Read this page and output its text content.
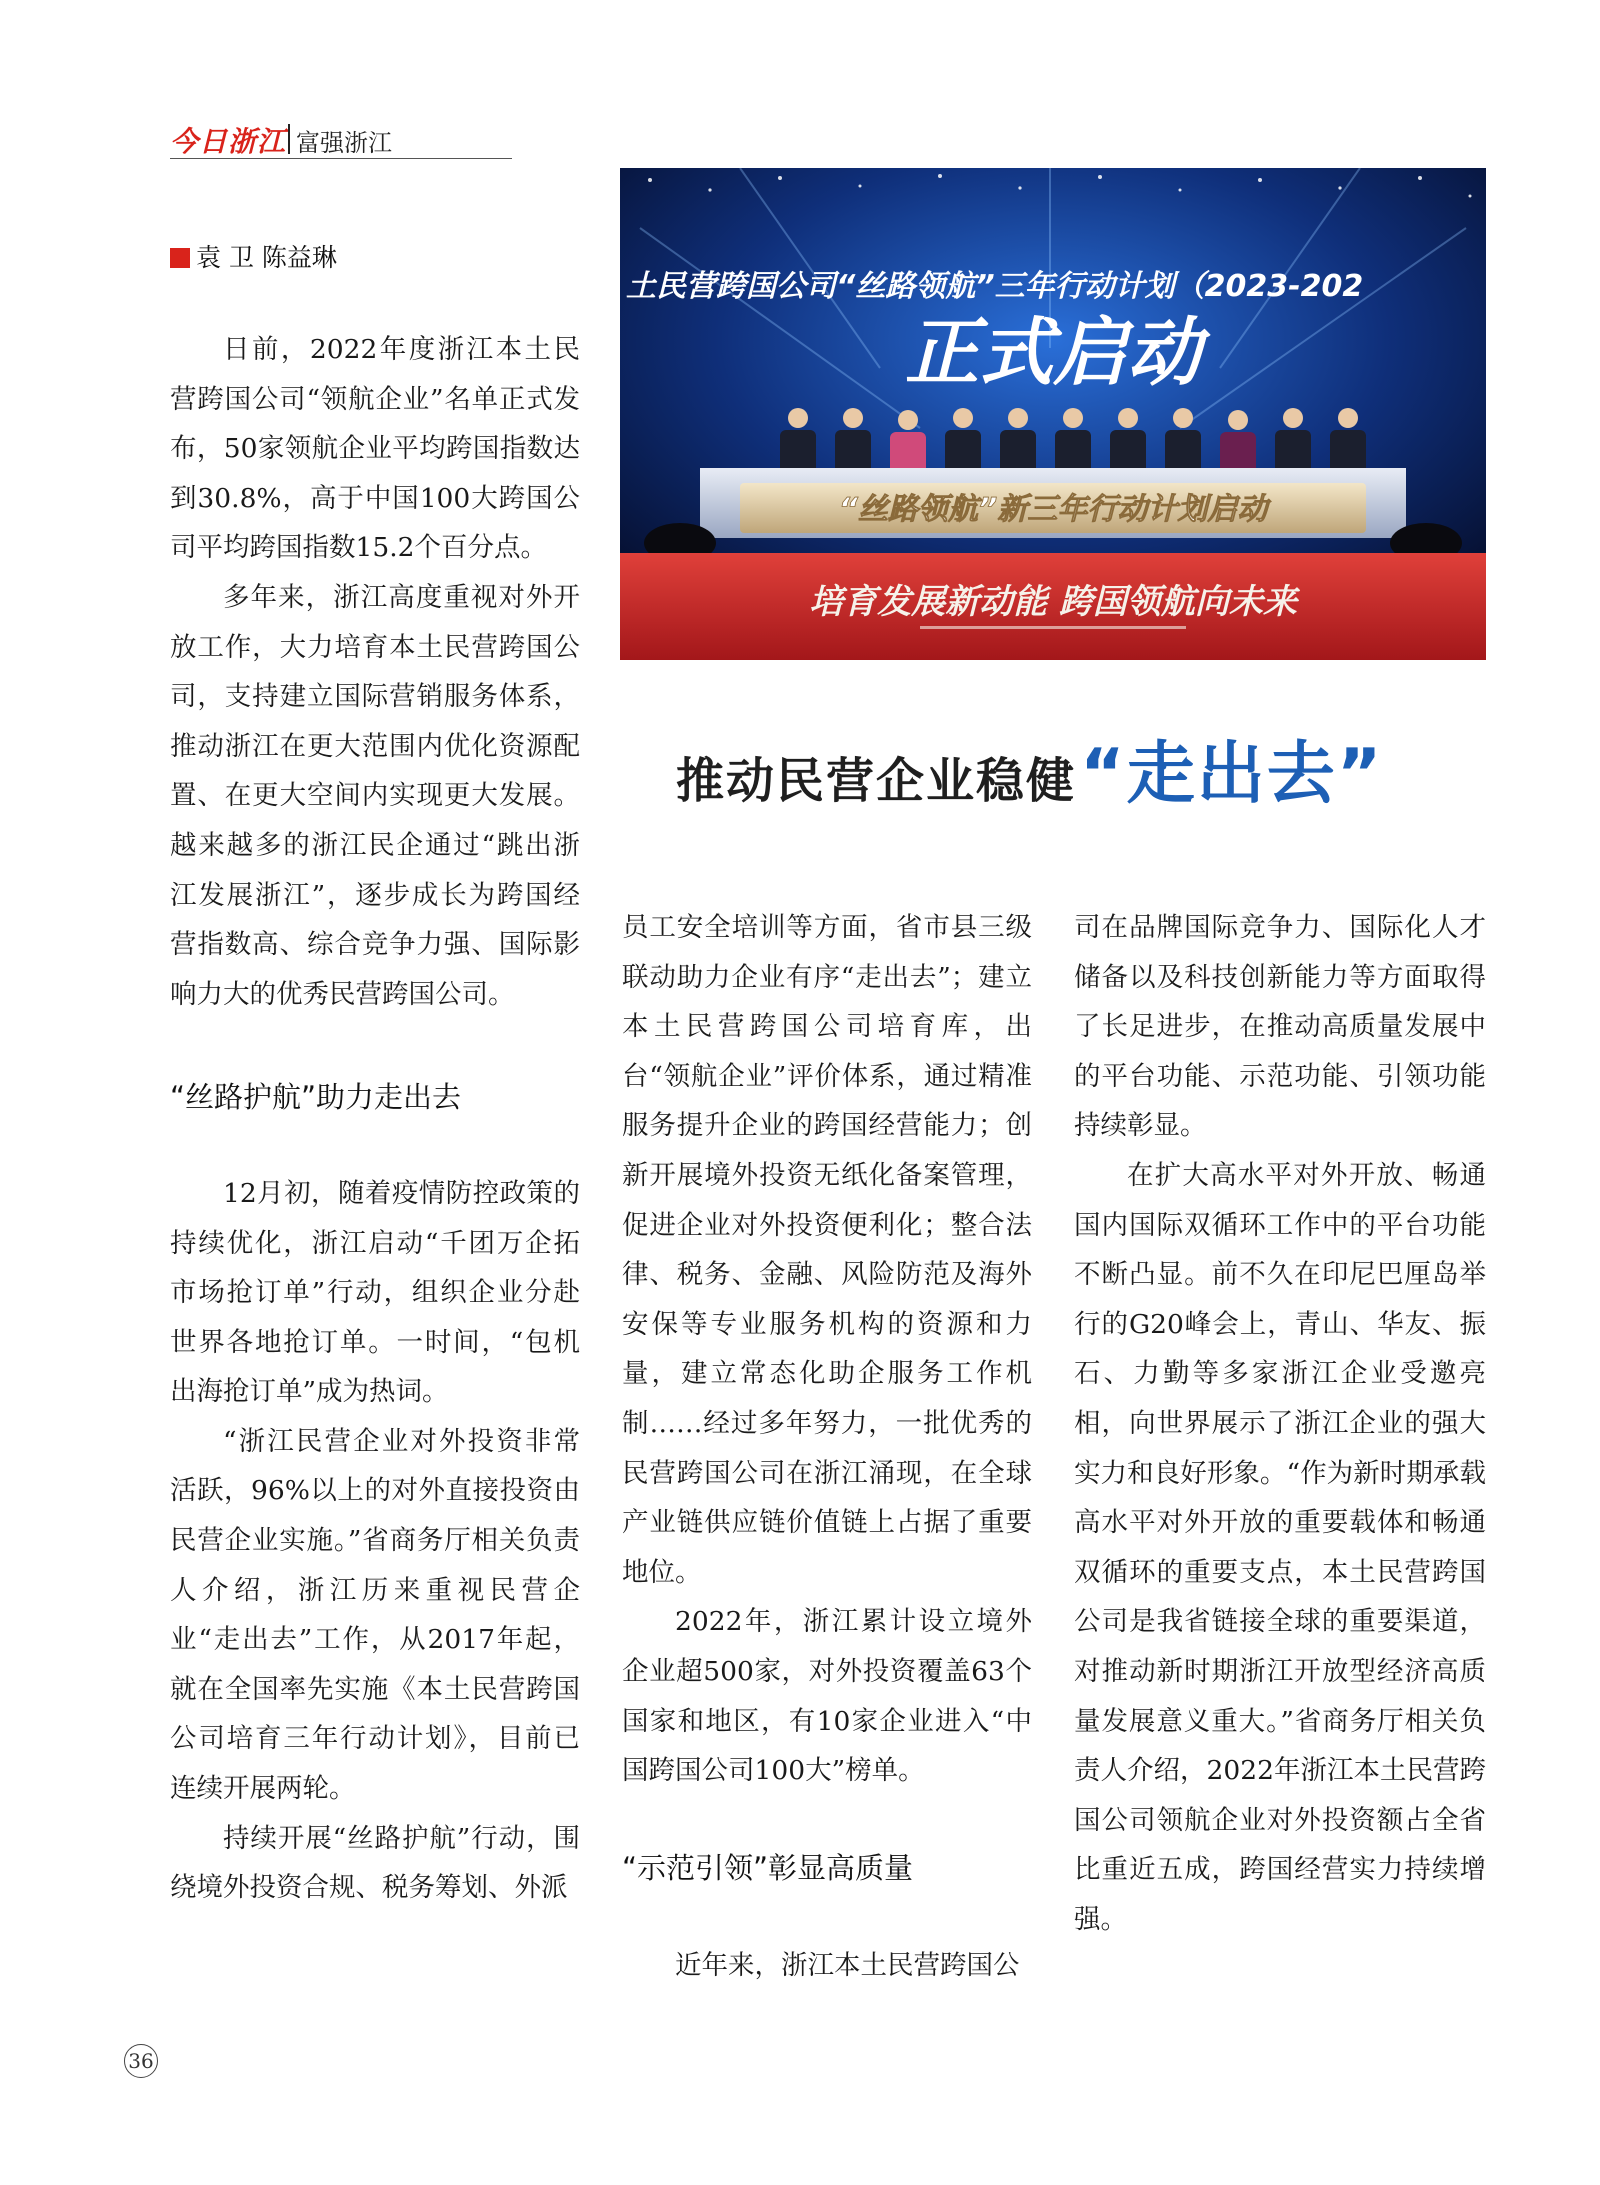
今日浙江 富强浙江
袁 卫 陈益琳
土民营跨国公司“丝路领航”三年行动计划（2023-202
正式启动
“丝路领航”新三年行动计划启动
培育发展新动能 跨国领航向未来
推动民营企业稳健“走出去”

日前，2022年度浙江本土民营跨国公司“领航企业”名单正式发布，50家领航企业平均跨国指数达到30.8%，高于中国100大跨国公司平均跨国指数15.2个百分点。

多年来，浙江高度重视对外开放工作，大力培育本土民营跨国公司，支持建立国际营销服务体系，推动浙江在更大范围内优化资源配置、在更大空间内实现更大发展。越来越多的浙江民企通过“跳出浙江发展浙江”，逐步成长为跨国经营指数高、综合竞争力强、国际影响力大的优秀民营跨国公司。

“丝路护航”助力走出去

12月初，随着疫情防控政策的持续优化，浙江启动“千团万企拓市场抢订单”行动，组织企业分赴世界各地抢订单。一时间，“包机出海抢订单”成为热词。

“浙江民营企业对外投资非常活跃，96%以上的对外直接投资由民营企业实施。”省商务厅相关负责人介绍，浙江历来重视民营企业“走出去”工作，从2017年起，就在全国率先实施《本土民营跨国公司培育三年行动计划》，目前已连续开展两轮。

持续开展“丝路护航”行动，围绕境外投资合规、税务筹划、外派

员工安全培训等方面，省市县三级联动助力企业有序“走出去”；建立本土民营跨国公司培育库，出台“领航企业”评价体系，通过精准服务提升企业的跨国经营能力；创新开展境外投资无纸化备案管理，促进企业对外投资便利化；整合法律、税务、金融、风险防范及海外安保等专业服务机构的资源和力量，建立常态化助企服务工作机制……经过多年努力，一批优秀的民营跨国公司在浙江涌现，在全球产业链供应链价值链上占据了重要地位。

2022年，浙江累计设立境外企业超500家，对外投资覆盖63个国家和地区，有10家企业进入“中国跨国公司100大”榜单。

“示范引领”彰显高质量

近年来，浙江本土民营跨国公

司在品牌国际竞争力、国际化人才储备以及科技创新能力等方面取得了长足进步，在推动高质量发展中的平台功能、示范功能、引领功能持续彰显。

在扩大高水平对外开放、畅通国内国际双循环工作中的平台功能不断凸显。前不久在印尼巴厘岛举行的G20峰会上，青山、华友、振石、力勤等多家浙江企业受邀亮相，向世界展示了浙江企业的强大实力和良好形象。“作为新时期承载高水平对外开放的重要载体和畅通双循环的重要支点，本土民营跨国公司是我省链接全球的重要渠道，对推动新时期浙江开放型经济高质量发展意义重大。”省商务厅相关负责人介绍，2022年浙江本土民营跨国公司领航企业对外投资额占全省比重近五成，跨国经营实力持续增强。

36
